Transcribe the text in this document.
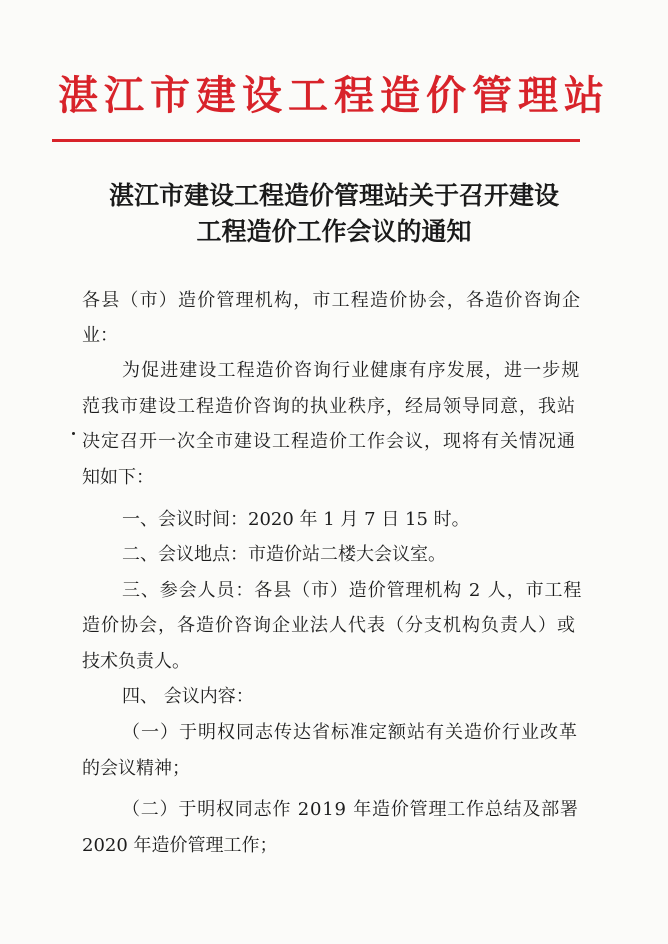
湛江市建设工程造价管理站
湛江市建设工程造价管理站关于召开建设
工程造价工作会议的通知
各县（市）造价管理机构，市工程造价协会，各造价咨询企
业：
为促进建设工程造价咨询行业健康有序发展，进一步规
范我市建设工程造价咨询的执业秩序，经局领导同意，我站
决定召开一次全市建设工程造价工作会议，现将有关情况通
知如下：
一、会议时间：2020 年 1 月 7 日 15 时。
二、会议地点：市造价站二楼大会议室。
三、参会人员：各县（市）造价管理机构 2 人，市工程
造价协会，各造价咨询企业法人代表（分支机构负责人）或
技术负责人。
四、 会议内容：
（一）于明权同志传达省标准定额站有关造价行业改革
的会议精神；
（二）于明权同志作 2019 年造价管理工作总结及部署
2020 年造价管理工作；
